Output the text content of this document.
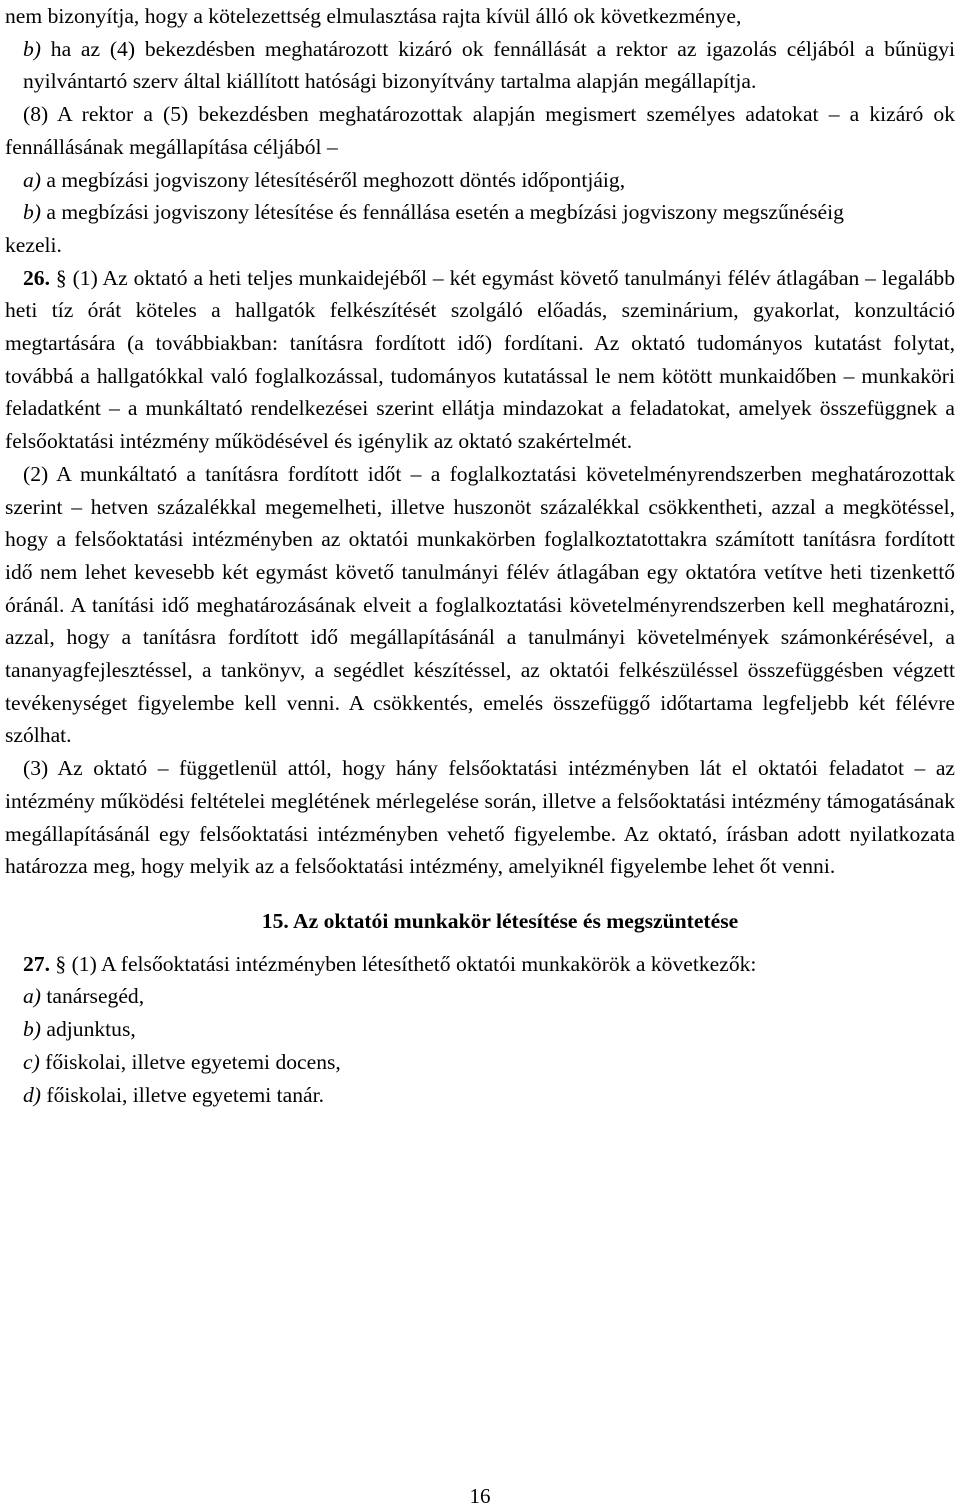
nem bizonyítja, hogy a kötelezettség elmulasztása rajta kívül álló ok következménye,

b) ha az (4) bekezdésben meghatározott kizáró ok fennállását a rektor az igazolás céljából a bűnügyi nyilvántartó szerv által kiállított hatósági bizonyítvány tartalma alapján megállapítja.

(8) A rektor a (5) bekezdésben meghatározottak alapján megismert személyes adatokat – a kizáró ok fennállásának megállapítása céljából –

a) a megbízási jogviszony létesítéséről meghozott döntés időpontjáig,

b) a megbízási jogviszony létesítése és fennállása esetén a megbízási jogviszony megszűnéséig

kezeli.

26. § (1) Az oktató a heti teljes munkaidejéből – két egymást követő tanulmányi félév átlagában – legalább heti tíz órát köteles a hallgatók felkészítését szolgáló előadás, szeminárium, gyakorlat, konzultáció megtartására (a továbbiakban: tanításra fordított idő) fordítani. Az oktató tudományos kutatást folytat, továbbá a hallgatókkal való foglalkozással, tudományos kutatással le nem kötött munkaidőben – munkaköri feladatként – a munkáltató rendelkezései szerint ellátja mindazokat a feladatokat, amelyek összefüggnek a felsőoktatási intézmény működésével és igénylik az oktató szakértelmét.

(2) A munkáltató a tanításra fordított időt – a foglalkoztatási követelményrendszerben meghatározottak szerint – hetven százalékkal megemelheti, illetve huszonöt százalékkal csökkentheti, azzal a megkötéssel, hogy a felsőoktatási intézményben az oktatói munkakörben foglalkoztatottakra számított tanításra fordított idő nem lehet kevesebb két egymást követő tanulmányi félév átlagában egy oktatóra vetítve heti tizenkettő óránál. A tanítási idő meghatározásának elveit a foglalkoztatási követelményrendszerben kell meghatározni, azzal, hogy a tanításra fordított idő megállapításánál a tanulmányi követelmények számonkérésével, a tananyagfejlesztéssel, a tankönyv, a segédlet készítéssel, az oktatói felkészüléssel összefüggésben végzett tevékenységet figyelembe kell venni. A csökkentés, emelés összefüggő időtartama legfeljebb két félévre szólhat.

(3) Az oktató – függetlenül attól, hogy hány felsőoktatási intézményben lát el oktatói feladatot – az intézmény működési feltételei meglétének mérlegelése során, illetve a felsőoktatási intézmény támogatásának megállapításánál egy felsőoktatási intézményben vehető figyelembe. Az oktató, írásban adott nyilatkozata határozza meg, hogy melyik az a felsőoktatási intézmény, amelyiknél figyelembe lehet őt venni.

15. Az oktatói munkakör létesítése és megszüntetése

27. § (1) A felsőoktatási intézményben létesíthető oktatói munkakörök a következők:

a) tanársegéd,

b) adjunktus,

c) főiskolai, illetve egyetemi docens,

d) főiskolai, illetve egyetemi tanár.

16
